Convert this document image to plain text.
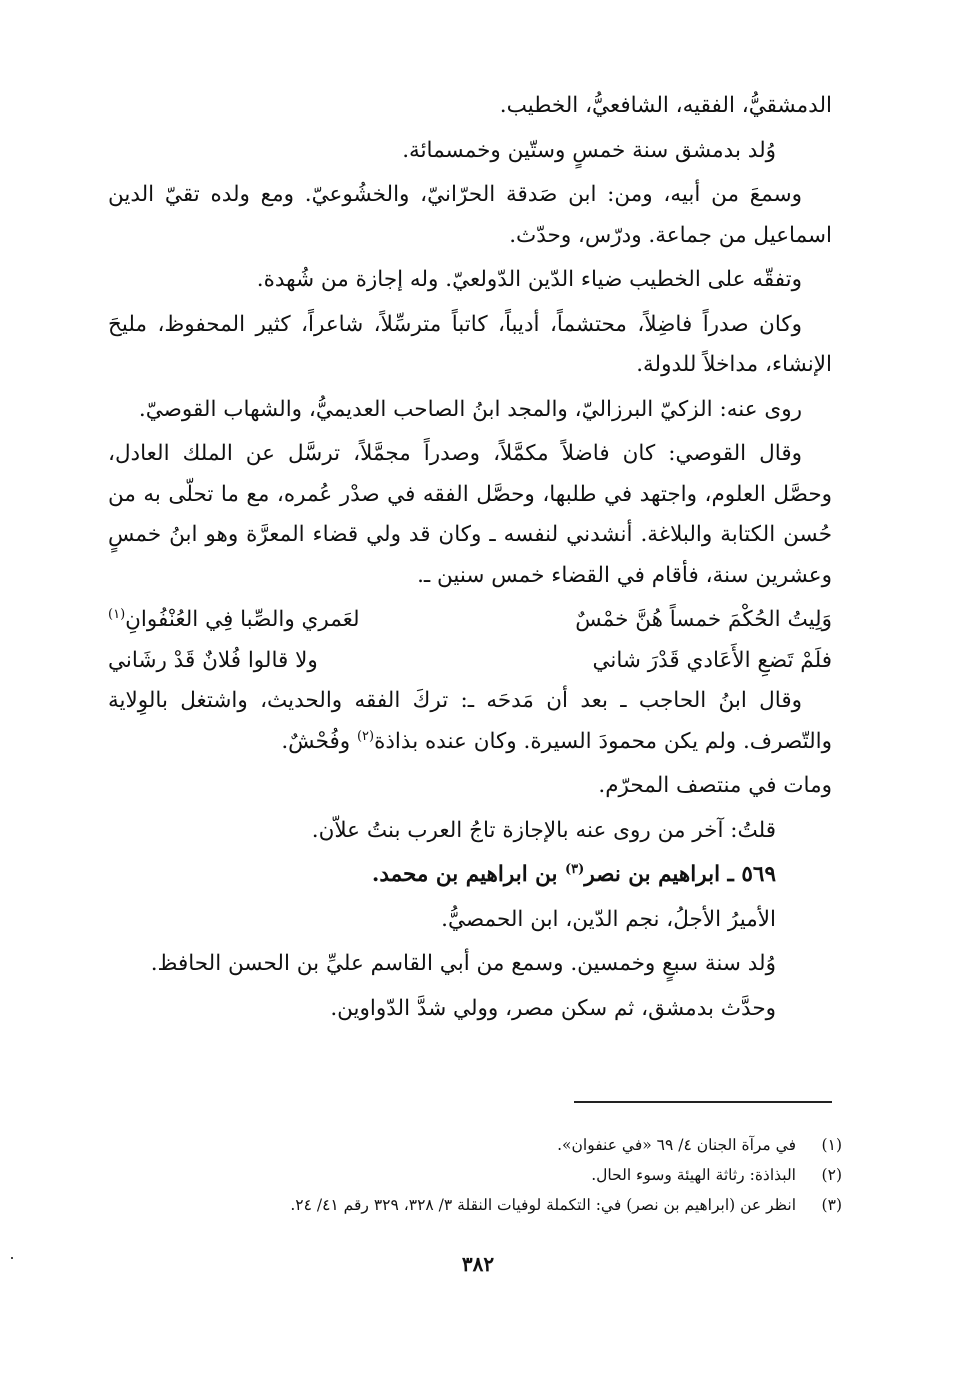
الدمشقيُّ، الفقيه، الشافعيُّ، الخطيب.

وُلد بدمشق سنة خمسٍ وستّين وخمسمائة.

وسمعَ من أبيه، ومن: ابن صَدقة الحرّانيّ، والخشُوعيّ. ومع ولده تقيّ الدين اسماعيل من جماعة. ودرّس، وحدّث.

وتفقّه على الخطيب ضياء الدّين الدّولعيّ. وله إجازة من شُهدة.

وكان صدراً فاضِلاً، محتشماً، أديباً، كاتباً مترسِّلاً، شاعراً، كثير المحفوظ، مليحَ الإنشاء، مداخلاً للدولة.

روى عنه: الزكيّ البرزاليّ، والمجد ابنُ الصاحب العديميُّ، والشهاب القوصيّ.

وقال القوصي: كان فاضلاً مكمَّلاً، وصدراً مجمَّلاً، ترسَّل عن الملك العادل، وحصَّل العلوم، واجتهد في طلبها، وحصَّل الفقه في صدْر عُمره، مع ما تحلّى به من حُسن الكتابة والبلاغة. أنشدني لنفسه ـ وكان قد ولي قضاء المعرَّة وهو ابنُ خمسٍ وعشرين سنة، فأقام في القضاء خمس سنين ـ.

وَلِيتُ الحُكْمَ خمساً هُنَّ خمْسٌ
لعَمري والصِّبا فِي العُنْفُوانِ$^{(١)}$
فلَمْ تَضعِ الأَعَادي قَدْرَ شاني
ولا قالوا فُلانٌ قَدْ رشَاني

وقال ابنُ الحاجب ـ بعد أن مَدحَه ـ: تركَ الفقه والحديث، واشتغل بالوِلاية والتّصرف. ولم يكن محمودَ السيرة. وكان عنده بذاذة$^{(٢)}$ وفُحْشٌ.

ومات في منتصف المحرّم.

قلتُ: آخر من روى عنه بالإجازة تاجُ العرب بنتُ علاّن.

٥٦٩ ـ ابراهيم بن نصر$^{(٣)}$ بن ابراهيم بن محمد.

الأميرُ الأجلُ، نجم الدّين، ابن الحمصيُّ.

وُلد سنة سبعٍ وخمسين. وسمع من أبي القاسم عليِّ بن الحسن الحافظ.

وحدَّث بدمشق، ثم سكن مصر، وولي شدَّ الدّواوين.

(١)
في مرآة الجنان ٤/ ٦٩ «في عنفوان».
(٢)
البذاذة: رثاثة الهيئة وسوء الحال.
(٣)
انظر عن (ابراهيم بن نصر) في: التكملة لوفيات النقلة ٣/ ٣٢٨، ٣٢٩ رقم ٤١/ ٢٤.
٣٨٢
